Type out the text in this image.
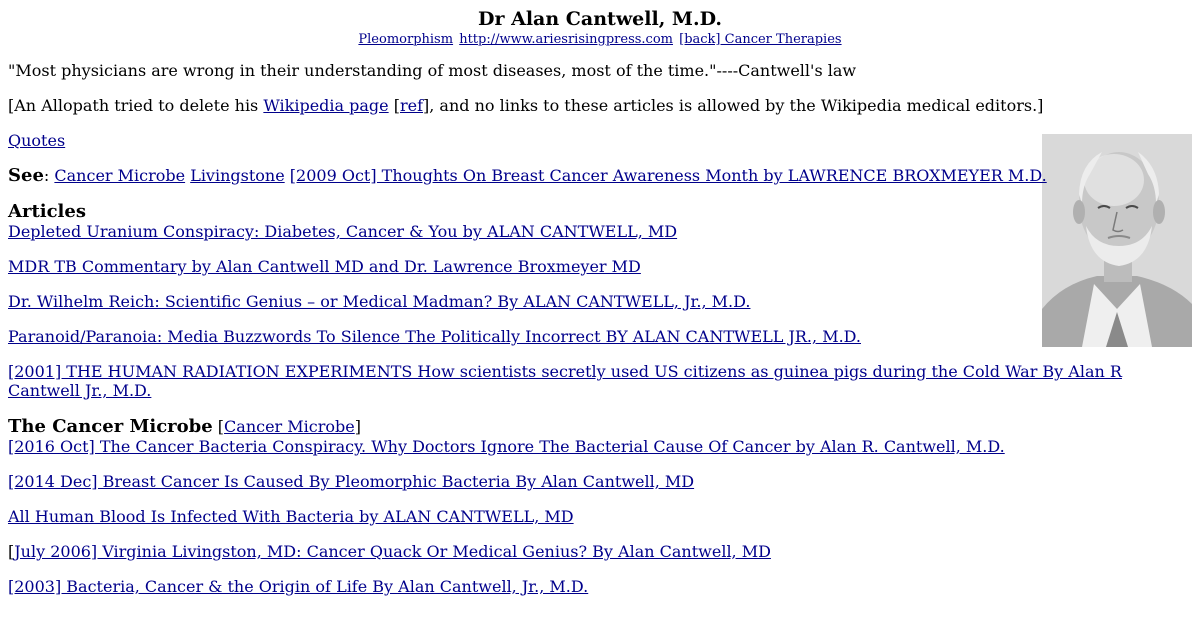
Dr Alan Cantwell, M.D.
Pleomorphism http://www.ariesrisingpress.com [back] Cancer Therapies

"Most physicians are wrong in their understanding of most diseases, most of the time."----Cantwell's law

[An Allopath tried to delete his Wikipedia page [ref], and no links to these articles is allowed by the Wikipedia medical editors.]

Quotes

See: Cancer Microbe Livingstone [2009 Oct] Thoughts On Breast Cancer Awareness Month by LAWRENCE BROXMEYER M.D.

Articles
Depleted Uranium Conspiracy: Diabetes, Cancer & You by ALAN CANTWELL, MD
MDR TB Commentary by Alan Cantwell MD and Dr. Lawrence Broxmeyer MD
Dr. Wilhelm Reich: Scientific Genius – or Medical Madman? By ALAN CANTWELL, Jr., M.D.
Paranoid/Paranoia: Media Buzzwords To Silence The Politically Incorrect BY ALAN CANTWELL JR., M.D.
[2001] THE HUMAN RADIATION EXPERIMENTS How scientists secretly used US citizens as guinea pigs during the Cold War By Alan R Cantwell Jr., M.D.
The Cancer Microbe [Cancer Microbe]
[2016 Oct] The Cancer Bacteria Conspiracy. Why Doctors Ignore The Bacterial Cause Of Cancer by Alan R. Cantwell, M.D.
[2014 Dec] Breast Cancer Is Caused By Pleomorphic Bacteria By Alan Cantwell, MD
All Human Blood Is Infected With Bacteria by ALAN CANTWELL, MD

[July 2006] Virginia Livingston, MD: Cancer Quack Or Medical Genius? By Alan Cantwell, MD

[2003] Bacteria, Cancer & the Origin of Life By Alan Cantwell, Jr., M.D.
